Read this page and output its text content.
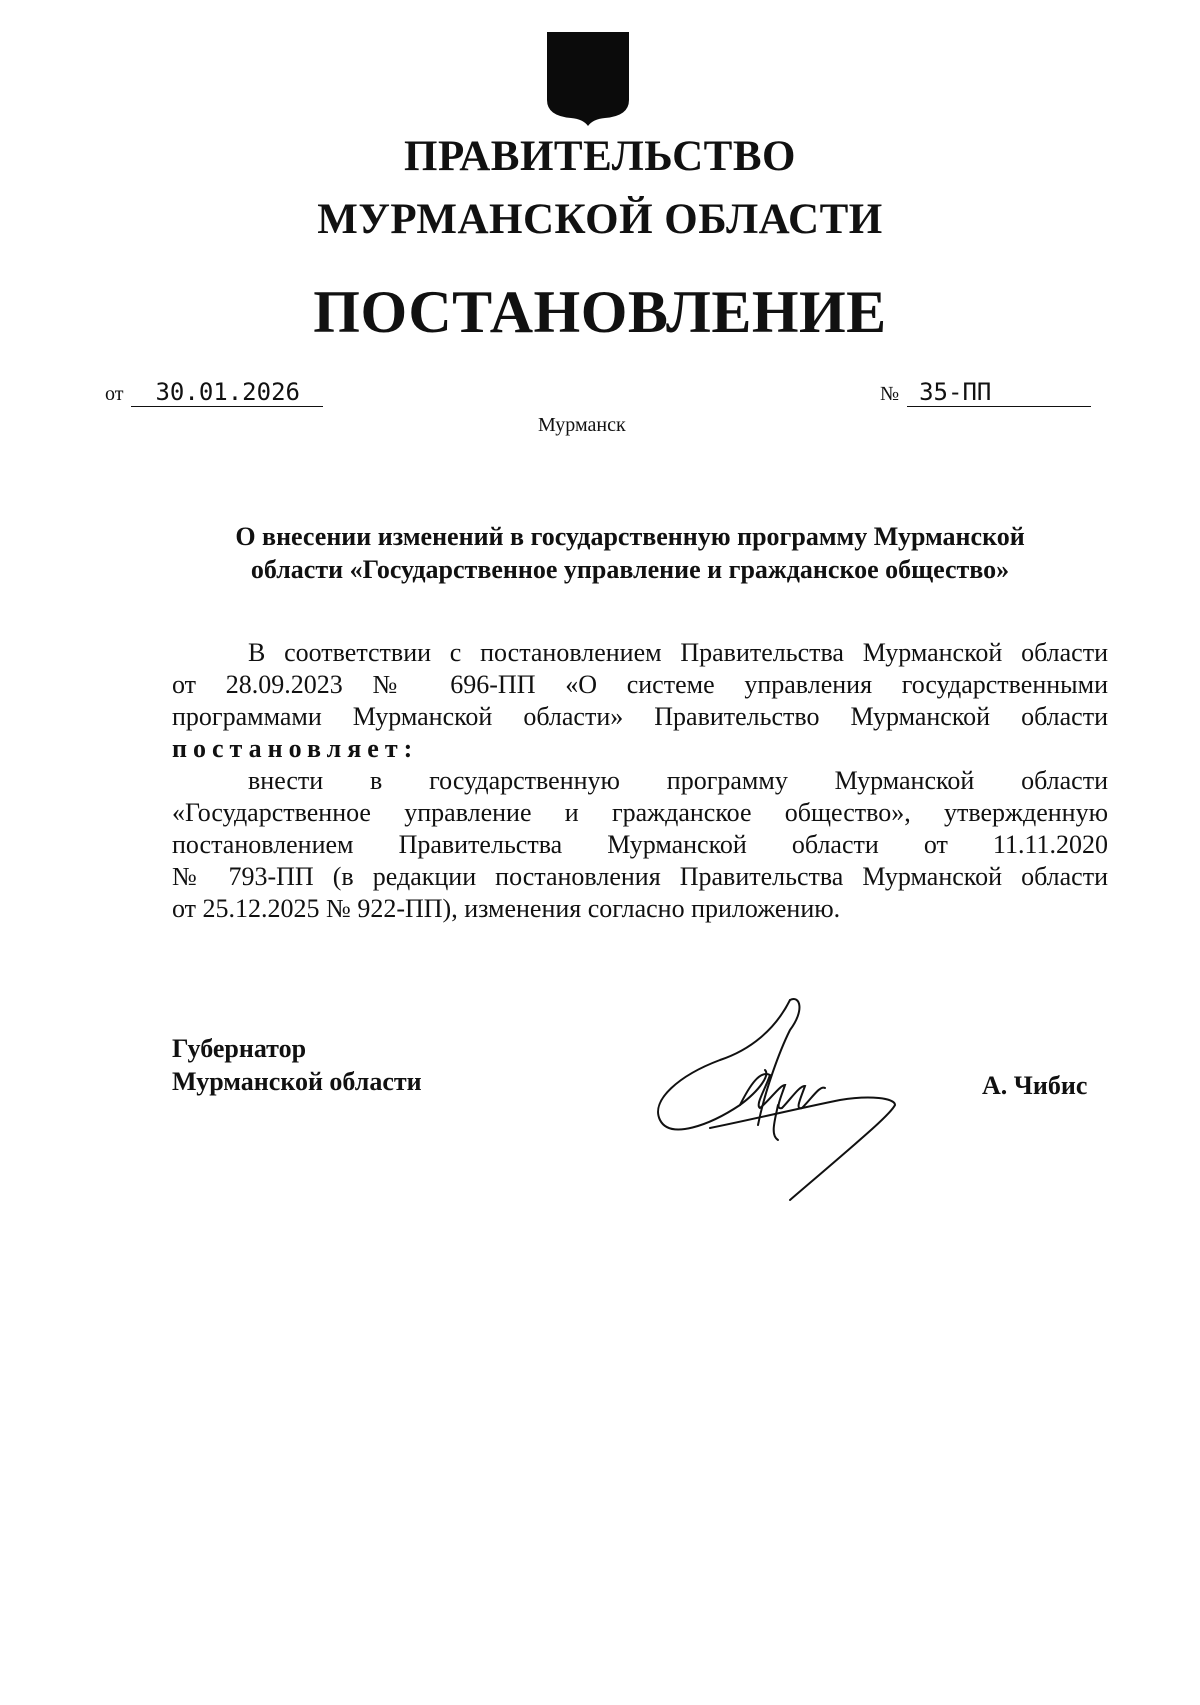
ПРАВИТЕЛЬСТВО
МУРМАНСКОЙ ОБЛАСТИ
ПОСТАНОВЛЕНИЕ
от 30.01.2026	№ 35-ПП
Мурманск
О внесении изменений в государственную программу Мурманской
области «Государственное управление и гражданское общество»
В соответствии с постановлением Правительства Мурманской области
от 28.09.2023 № 696-ПП «О системе управления государственными
программами Мурманской области» Правительство Мурманской области
постановляет:
внести в государственную программу Мурманской области
«Государственное управление и гражданское общество», утвержденную
постановлением Правительства Мурманской области от 11.11.2020
№ 793-ПП (в редакции постановления Правительства Мурманской области
от 25.12.2025 № 922-ПП), изменения согласно приложению.
Губернатор
Мурманской области	А. Чибис
